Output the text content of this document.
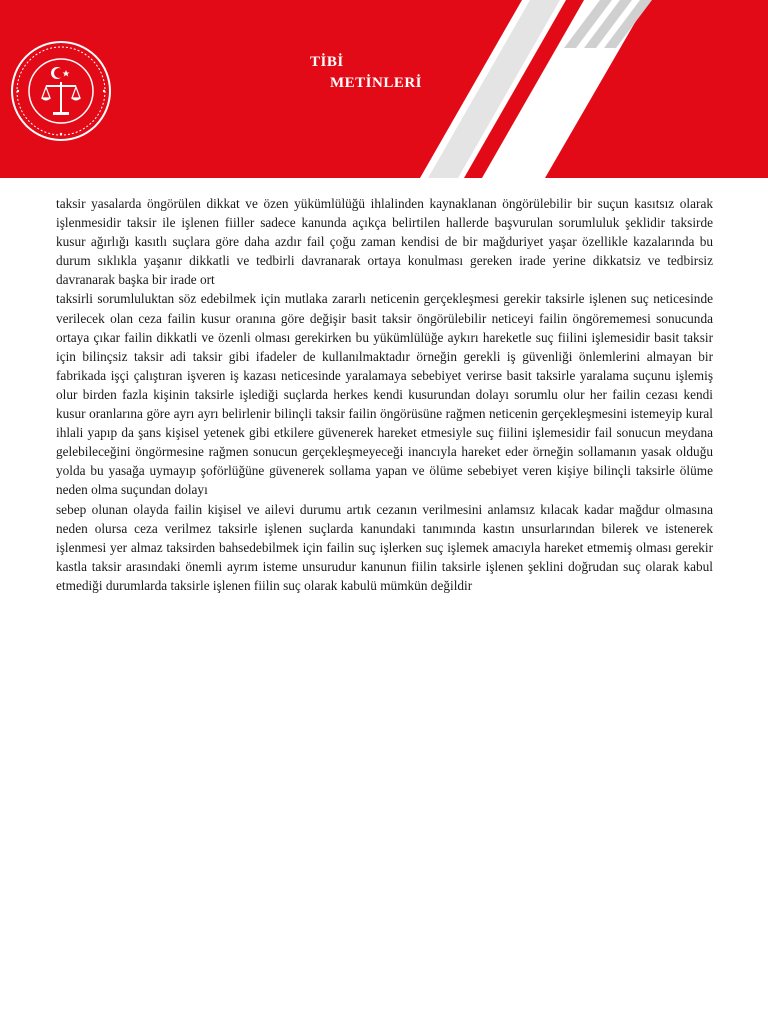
TİBİ
METİNLERİ

taksir yasalarda öngörülen dikkat ve özen yükümlülüğü ihlalinden kaynaklanan öngörülebilir bir suçun kasıtsız olarak işlenmesidir taksir ile işlenen fiiller sadece kanunda açıkça belirtilen hallerde başvurulan sorumluluk şeklidir taksirde kusur ağırlığı kasıtlı suçlara göre daha azdır fail çoğu zaman kendisi de bir mağduriyet yaşar özellikle kazalarında bu durum sıklıkla yaşanır dikkatli ve tedbirli davranarak ortaya konulması gereken irade yerine dikkatsiz ve tedbirsiz davranarak başka bir irade ort

taksirli sorumluluktan söz edebilmek için mutlaka zararlı neticenin gerçekleşmesi gerekir taksirle işlenen suç neticesinde verilecek olan ceza failin kusur oranına göre değişir basit taksir öngörülebilir neticeyi failin öngörememesi sonucunda ortaya çıkar failin dikkatli ve özenli olması gerekirken bu yükümlülüğe aykırı hareketle suç fiilini işlemesidir basit taksir için bilinçsiz taksir adi taksir gibi ifadeler de kullanılmaktadır örneğin gerekli iş güvenliği önlemlerini almayan bir fabrikada işçi çalıştıran işveren iş kazası neticesinde yaralamaya sebebiyet verirse basit taksirle yaralama suçunu işlemiş olur birden fazla kişinin taksirle işlediği suçlarda herkes kendi kusurundan dolayı sorumlu olur her failin cezası kendi kusur oranlarına göre ayrı ayrı belirlenir bilinçli taksir failin öngörüsüne rağmen neticenin gerçekleşmesini istemeyip kural ihlali yapıp da şans kişisel yetenek gibi etkilere güvenerek hareket etmesiyle suç fiilini işlemesidir fail sonucun meydana gelebileceğini öngörmesine rağmen sonucun gerçekleşmeyeceği inancıyla hareket eder örneğin sollamanın yasak olduğu yolda bu yasağa uymayıp şoförlüğüne güvenerek sollama yapan ve ölüme sebebiyet veren kişiye bilinçli taksirle ölüme neden olma suçundan dolayı

sebep olunan olayda failin kişisel ve ailevi durumu artık cezanın verilmesini anlamsız kılacak kadar mağdur olmasına neden olursa ceza verilmez taksirle işlenen suçlarda kanundaki tanımında kastın unsurlarından bilerek ve istenerek işlenmesi yer almaz taksirden bahsedebilmek için failin suç işlerken suç işlemek amacıyla hareket etmemiş olması gerekir kastla taksir arasındaki önemli ayrım isteme unsurudur kanunun fiilin taksirle işlenen şeklini doğrudan suç olarak kabul etmediği durumlarda taksirle işlenen fiilin suç olarak kabulü mümkün değildir
